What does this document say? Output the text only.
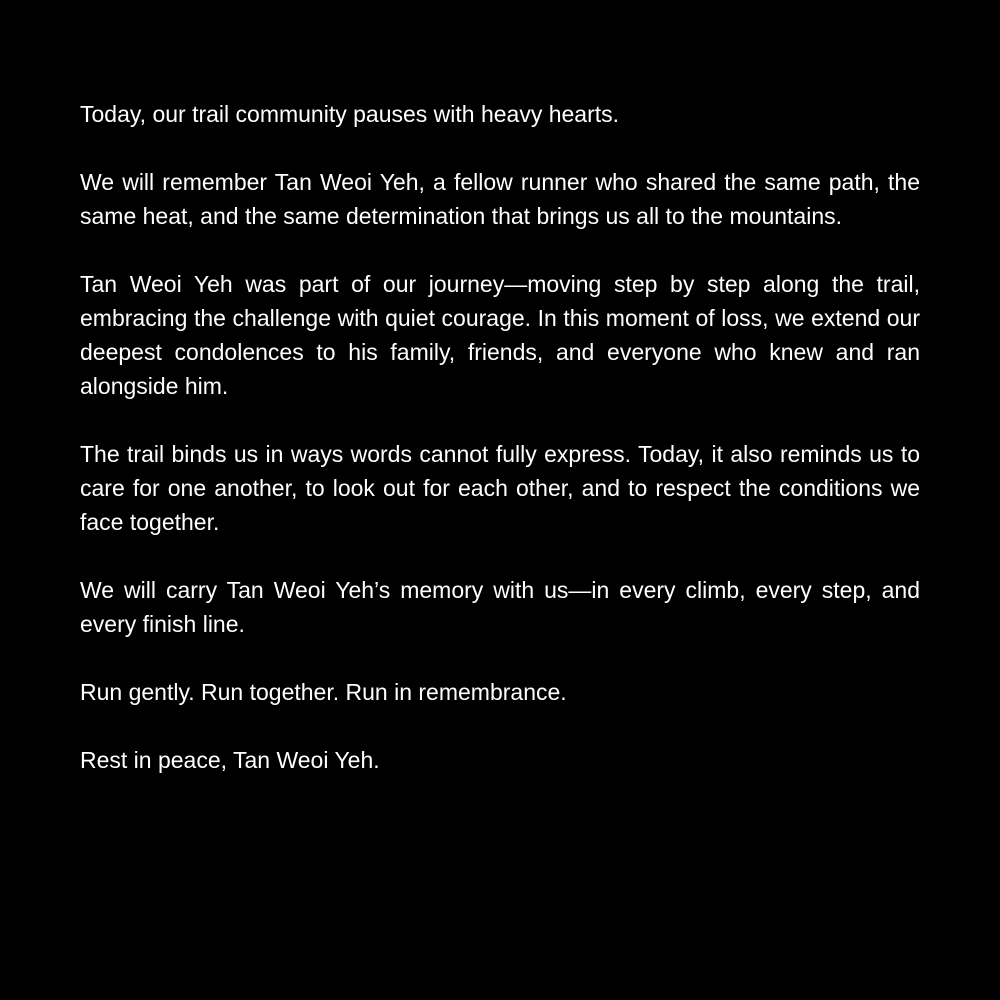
Today, our trail community pauses with heavy hearts.

We will remember Tan Weoi Yeh, a fellow runner who shared the same path, the same heat, and the same determination that brings us all to the mountains.

Tan Weoi Yeh was part of our journey—moving step by step along the trail, embracing the challenge with quiet courage. In this moment of loss, we extend our deepest condolences to his family, friends, and everyone who knew and ran alongside him.

The trail binds us in ways words cannot fully express. Today, it also reminds us to care for one another, to look out for each other, and to respect the conditions we face together.

We will carry Tan Weoi Yeh’s memory with us—in every climb, every step, and every finish line.

Run gently. Run together. Run in remembrance.

Rest in peace, Tan Weoi Yeh.
